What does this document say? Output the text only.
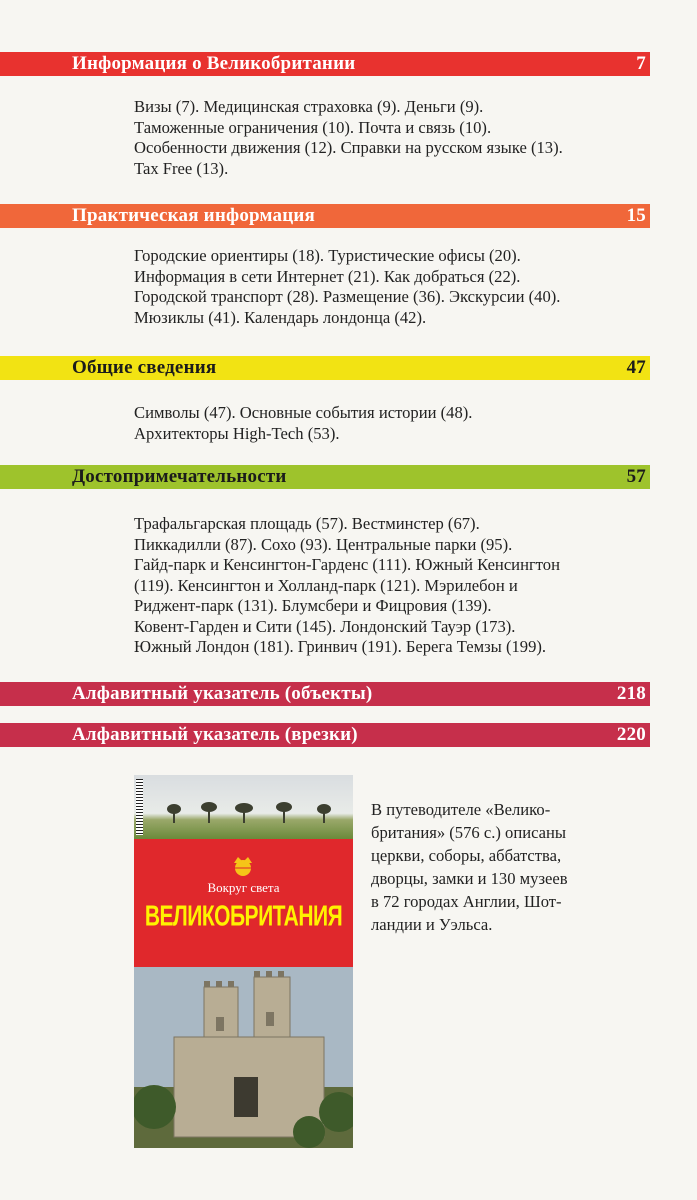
Информация о Великобритании	7
Визы (7). Медицинская страховка (9). Деньги (9).
Таможенные ограничения (10). Почта и связь (10).
Особенности движения (12). Справки на русском языке (13).
Tax Free (13).
Практическая информация	15
Городские ориентиры (18). Туристические офисы (20).
Информация в сети Интернет (21). Как добраться (22).
Городской транспорт (28). Размещение (36). Экскурсии (40).
Мюзиклы (41). Календарь лондонца (42).
Общие сведения	47
Символы (47). Основные события истории (48).
Архитекторы High-Tech (53).
Достопримечательности	57
Трафальгарская площадь (57). Вестминстер (67).
Пиккадилли (87). Сохо (93). Центральные парки (95).
Гайд-парк и Кенсингтон-Гарденс (111). Южный Кенсингтон
(119). Кенсингтон и Холланд-парк (121). Мэрилебон и
Риджент-парк (131). Блумсбери и Фицровия (139).
Ковент-Гарден и Сити (145). Лондонский Тауэр (173).
Южный Лондон (181). Гринвич (191). Берега Темзы (199).
Алфавитный указатель (объекты)	218
Алфавитный указатель (врезки)	220
Вокруг света
ВЕЛИКОБРИТАНИЯ
В путеводителе «Велико-
британия» (576 с.) описаны
церкви, соборы, аббатства,
дворцы, замки и 130 музеев
в 72 городах Англии, Шот-
ландии и Уэльса.
